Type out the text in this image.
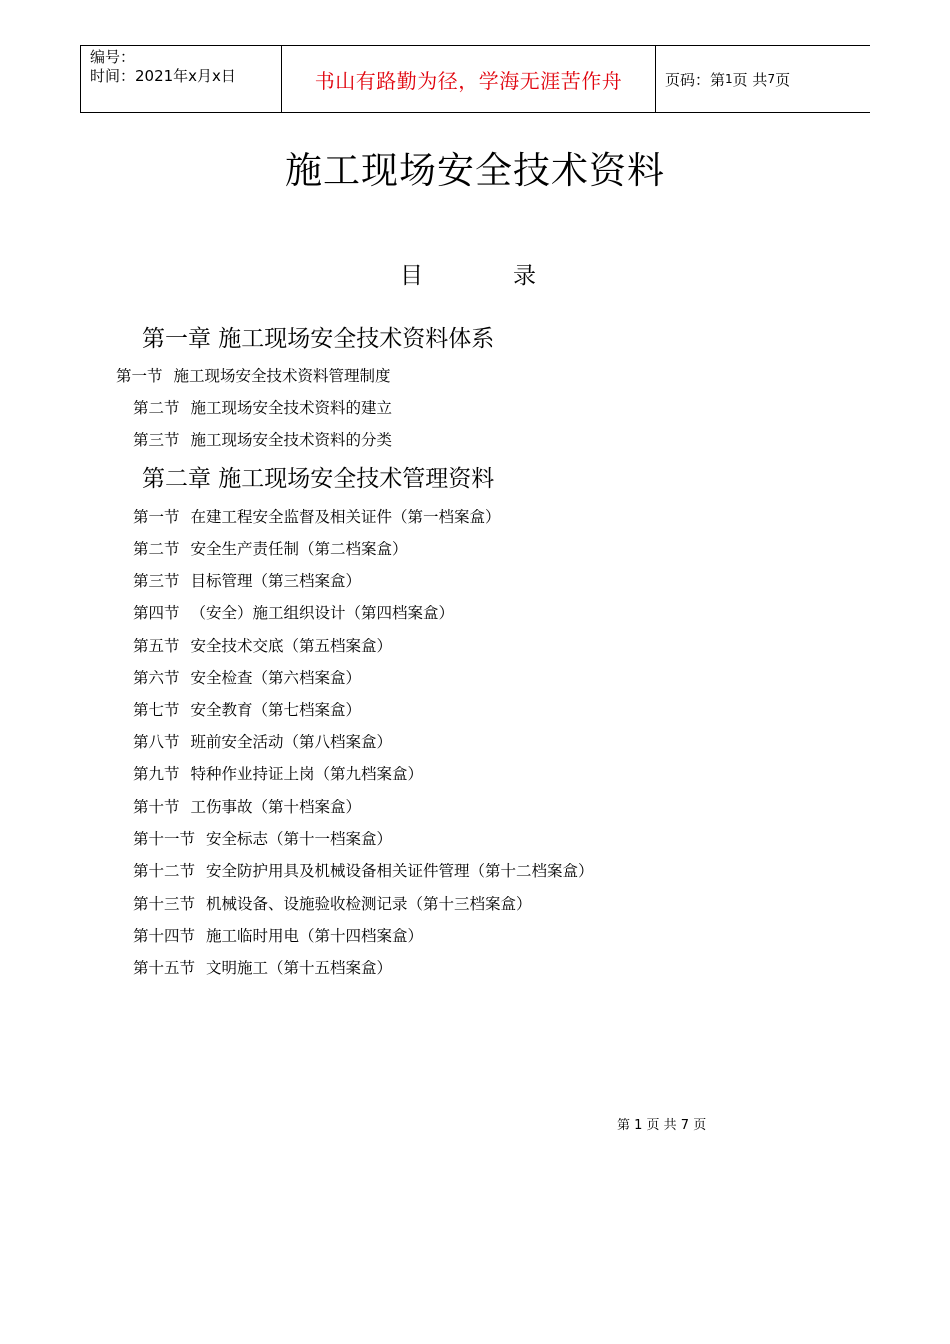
编号：
时间：2021年x月x日	书山有路勤为径，学海无涯苦作舟	页码：第 1 页 共 7 页
施工现场安全技术资料
目	录
第一章 施工现场安全技术资料体系
第一节 施工现场安全技术资料管理制度
第二节 施工现场安全技术资料的建立
第三节 施工现场安全技术资料的分类
第二章 施工现场安全技术管理资料
第一节 在建工程安全监督及相关证件（第一档案盒）
第二节 安全生产责任制（第二档案盒）
第三节 目标管理（第三档案盒）
第四节 （安全）施工组织设计（第四档案盒）
第五节 安全技术交底（第五档案盒）
第六节 安全检查（第六档案盒）
第七节 安全教育（第七档案盒）
第八节 班前安全活动（第八档案盒）
第九节 特种作业持证上岗（第九档案盒）
第十节 工伤事故（第十档案盒）
第十一节 安全标志（第十一档案盒）
第十二节 安全防护用具及机械设备相关证件管理（第十二档案盒）
第十三节 机械设备、设施验收检测记录（第十三档案盒）
第十四节 施工临时用电（第十四档案盒）
第十五节 文明施工（第十五档案盒）
第 1 页 共 7 页
